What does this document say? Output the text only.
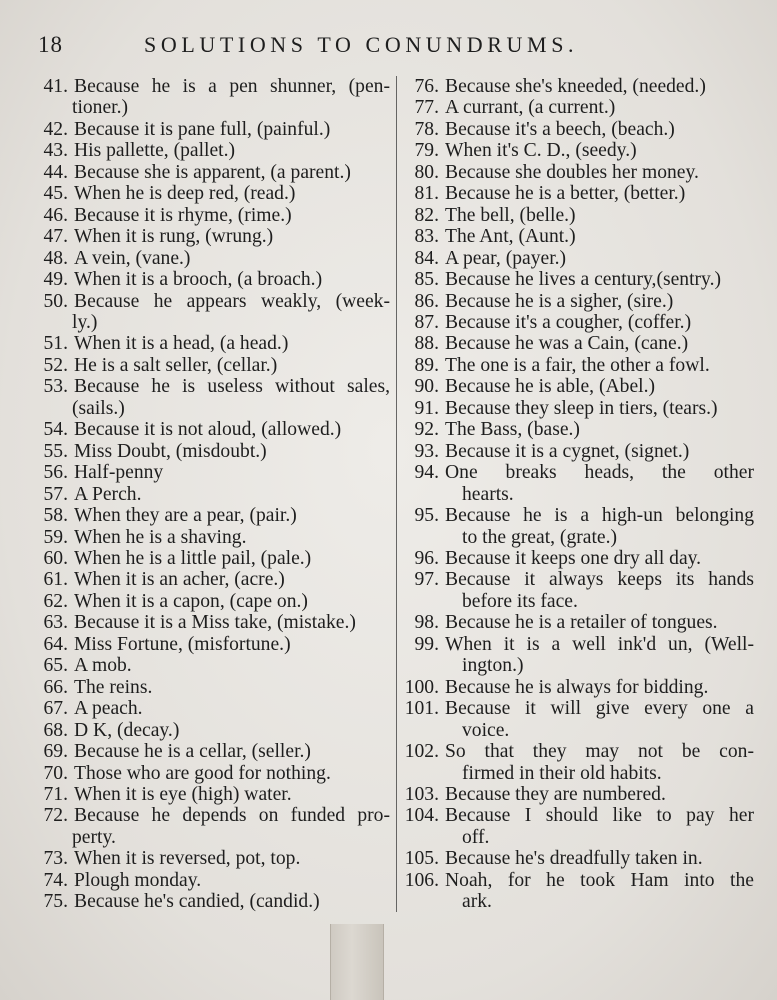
18	SOLUTIONS TO CONUNDRUMS.
41. Because he is a pen shunner, (pen-
tioner.)
42. Because it is pane full, (painful.)
43. His pallette, (pallet.)
44. Because she is apparent, (a parent.)
45. When he is deep red, (read.)
46. Because it is rhyme, (rime.)
47. When it is rung, (wrung.)
48. A vein, (vane.)
49. When it is a brooch, (a broach.)
50. Because he appears weakly, (week-
ly.)
51. When it is a head, (a head.)
52. He is a salt seller, (cellar.)
53. Because he is useless without sales,
(sails.)
54. Because it is not aloud, (allowed.)
55. Miss Doubt, (misdoubt.)
56. Half-penny
57. A Perch.
58. When they are a pear, (pair.)
59. When he is a shaving.
60. When he is a little pail, (pale.)
61. When it is an acher, (acre.)
62. When it is a capon, (cape on.)
63. Because it is a Miss take, (mistake.)
64. Miss Fortune, (misfortune.)
65. A mob.
66. The reins.
67. A peach.
68. D K, (decay.)
69. Because he is a cellar, (seller.)
70. Those who are good for nothing.
71. When it is eye (high) water.
72. Because he depends on funded pro-
perty.
73. When it is reversed, pot, top.
74. Plough monday.
75. Because he's candied, (candid.)
76. Because she's kneeded, (needed.)
77. A currant, (a current.)
78. Because it's a beech, (beach.)
79. When it's C. D., (seedy.)
80. Because she doubles her money.
81. Because he is a better, (better.)
82. The bell, (belle.)
83. The Ant, (Aunt.)
84. A pear, (payer.)
85. Because he lives a century,(sentry.)
86. Because he is a sigher, (sire.)
87. Because it's a cougher, (coffer.)
88. Because he was a Cain, (cane.)
89. The one is a fair, the other a fowl.
90. Because he is able, (Abel.)
91. Because they sleep in tiers, (tears.)
92. The Bass, (base.)
93. Because it is a cygnet, (signet.)
94. One breaks heads, the other
hearts.
95. Because he is a high-un belonging
to the great, (grate.)
96. Because it keeps one dry all day.
97. Because it always keeps its hands
before its face.
98. Because he is a retailer of tongues.
99. When it is a well ink'd un, (Well-
ington.)
100. Because he is always for bidding.
101. Because it will give every one a
voice.
102. So that they may not be con-
firmed in their old habits.
103. Because they are numbered.
104. Because I should like to pay her
off.
105. Because he's dreadfully taken in.
106. Noah, for he took Ham into the
ark.
